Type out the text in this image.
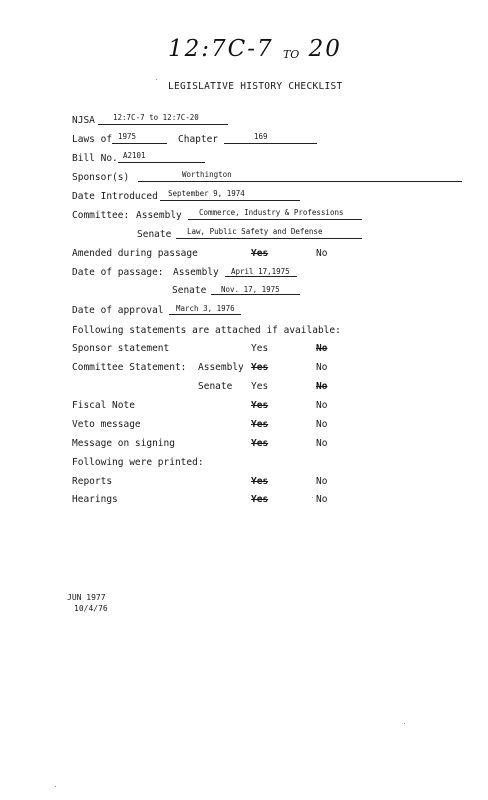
12:7C-7 TO 20
LEGISLATIVE HISTORY CHECKLIST
NJSA 12:7C-7 to 12:7C-20
Laws of 1975	Chapter	169
Bill No. A2101
Sponsor(s)	Worthington
Date Introduced September 9, 1974
Committee: Assembly Commerce, Industry & Professions
Senate Law, Public Safety and Defense
Amended during passage	Yes	No
Date of passage: Assembly April 17,1975
Senate Nov. 17, 1975
Date of approval March 3, 1976
Following statements are attached if available:
Sponsor statement	Yes	No
Committee Statement: Assembly Yes	No
Senate Yes	No
Fiscal Note	Yes	No
Veto message	Yes	No
Message on signing	Yes	No
Following were printed:
Reports	Yes	No
Hearings	Yes	No
JUN 1977
10/4/76
